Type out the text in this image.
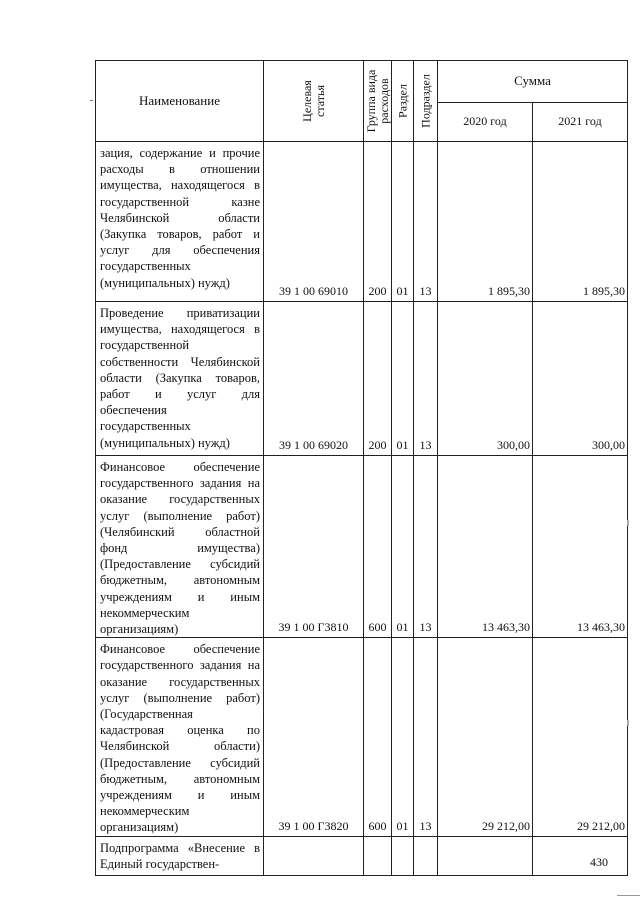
Наименование	Целевая статья	Группа вида расходов	Раздел	Подраздел	Сумма	
					2020 год	2021 год
зация, содержание и прочие расходы в отношении имущества, находящегося в государственной казне Челябинской области (Закупка товаров, работ и услуг для обеспечения государственных (муниципальных) нужд)	39 1 00 69010	200	01	13	1 895,30	1 895,30
Проведение приватизации имущества, находящегося в государственной собственности Челябинской области (Закупка товаров, работ и услуг для обеспечения государственных (муниципальных) нужд)	39 1 00 69020	200	01	13	300,00	300,00
Финансовое обеспечение государственного задания на оказание государственных услуг (выполнение работ) (Челябинский областной фонд имущества) (Предоставление субсидий бюджетным, автономным учреждениям и иным некоммерческим организациям)	39 1 00 Г3810	600	01	13	13 463,30	13 463,30
Финансовое обеспечение государственного задания на оказание государственных услуг (выполнение работ) (Государственная кадастровая оценка по Челябинской области) (Предоставление субсидий бюджетным, автономным учреждениям и иным некоммерческим организациям)	39 1 00 Г3820	600	01	13	29 212,00	29 212,00
Подпрограмма «Внесение в Единый государствен-							430
